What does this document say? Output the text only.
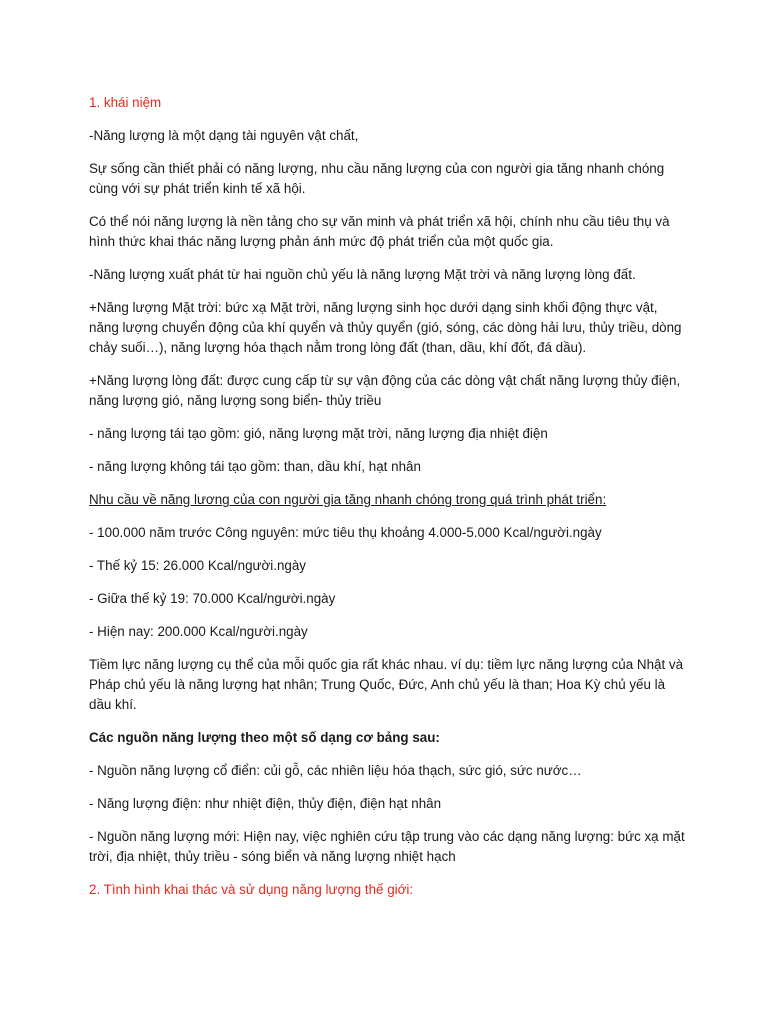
1. khái niệm

-Năng lượng là một dạng tài nguyên vật chất,

Sự sống cần thiết phải có năng lượng, nhu cầu năng lượng của con người gia tăng nhanh chóng cùng với sự phát triển kinh tế xã hội.

Có thể nói năng lượng là nền tảng cho sự văn minh và phát triển xã hội, chính nhu cầu tiêu thụ và hình thức khai thác năng lượng phản ánh mức độ phát triển của một quốc gia.

-Năng lượng xuất phát từ hai nguồn chủ yếu là năng lượng Mặt trời và năng lượng lòng đất.

+Năng lượng Mặt trời: bức xạ Mặt trời, năng lượng sinh học dưới dạng sinh khối động thực vật, năng lượng chuyển động của khí quyển và thủy quyển (gió, sóng, các dòng hải lưu, thủy triều, dòng chảy suối…), năng lượng hóa thạch nằm trong lòng đất (than, dầu, khí đốt, đá dầu).

+Năng lượng lòng đất: được cung cấp từ sự vận động của các dòng vật chất năng lượng thủy điện, năng lượng gió, năng lượng song biển- thủy triều

- năng lượng tái tạo gồm: gió, năng lượng mặt trời, năng lượng địa nhiệt điện

- năng lượng không tái tạo gồm: than, dầu khí, hạt nhân

Nhu cầu về năng lương của con người gia tăng nhanh chóng trong quá trình phát triển:

- 100.000 năm trước Công nguyên: mức tiêu thụ khoảng 4.000-5.000 Kcal/người.ngày

- Thế kỷ 15: 26.000 Kcal/người.ngày

- Giữa thế kỷ 19: 70.000 Kcal/người.ngày

- Hiện nay: 200.000 Kcal/người.ngày

Tiềm lực năng lượng cụ thể của mỗi quốc gia rất khác nhau. ví dụ: tiềm lực năng lượng của Nhật và Pháp chủ yếu là năng lượng hạt nhân; Trung Quốc, Đức, Anh chủ yếu là than; Hoa Kỳ chủ yếu là dầu khí.

Các nguồn năng lượng theo một số dạng cơ bảng sau:

- Nguồn năng lượng cổ điển: củi gỗ, các nhiên liệu hóa thạch, sức gió, sức nước…

- Năng lượng điện: như nhiệt điện, thủy điện, điện hạt nhân

- Nguồn năng lượng mới: Hiện nay, việc nghiên cứu tập trung vào các dạng năng lượng: bức xạ mặt trời, địa nhiệt, thủy triều - sóng biển và năng lượng nhiệt hạch

2. Tình hình khai thác và sử dụng năng lượng thế giới:
